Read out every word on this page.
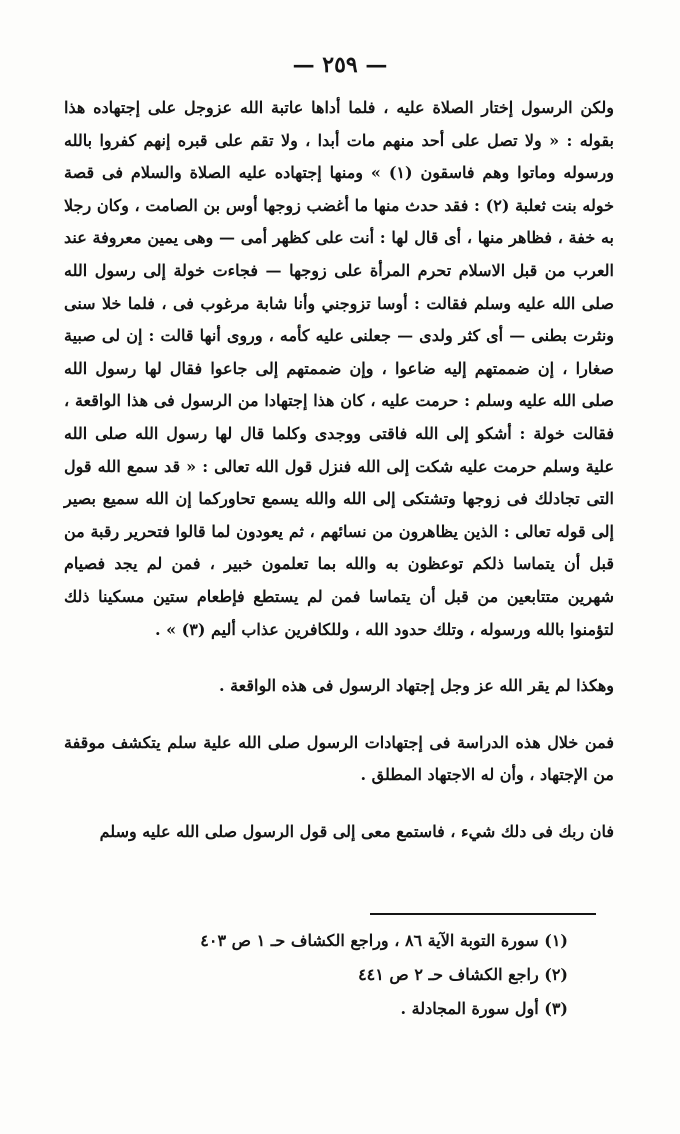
— ٢٥٩ —

ولكن الرسول إختار الصلاة عليه ، فلما أداها عاتبة الله عزوجل على إجتهاده هذا بقوله : « ولا تصل على أحد منهم مات أبدا ، ولا تقم على قبره إنهم كفروا بالله ورسوله وماتوا وهم فاسقون (١) » ومنها إجتهاده عليه الصلاة والسلام فى قصة خوله بنت ثعلبة (٢) : فقد حدث منها ما أغضب زوجها أوس بن الصامت ، وكان رجلا به خفة ، فظاهر منها ، أى قال لها : أنت على كظهر أمى — وهى يمين معروفة عند العرب من قبل الاسلام تحرم المرأة على زوجها — فجاءت خولة إلى رسول الله صلى الله عليه وسلم فقالت : أوسا تزوجني وأنا شابة مرغوب فى ، فلما خلا سنى ونثرت بطنى — أى كثر ولدى — جعلنى عليه كأمه ، وروى أنها قالت : إن لى صبية صغارا ، إن ضممتهم إليه ضاعوا ، وإن ضممتهم إلى جاعوا فقال لها رسول الله صلى الله عليه وسلم : حرمت عليه ، كان هذا إجتهادا من الرسول فى هذا الواقعة ، فقالت خولة : أشكو إلى الله فاقتى ووجدى وكلما قال لها رسول الله صلى الله علية وسلم حرمت عليه شكت إلى الله فنزل قول الله تعالى : « قد سمع الله قول التى تجادلك فى زوجها وتشتكى إلى الله والله يسمع تحاوركما إن الله سميع بصير إلى قوله تعالى : الذين يظاهرون من نسائهم ، ثم يعودون لما قالوا فتحرير رقبة من قبل أن يتماسا ذلكم توعظون به والله بما تعلمون خبير ، فمن لم يجد فصيام شهرين متتابعين من قبل أن يتماسا فمن لم يستطع فإطعام ستين مسكينا ذلك لتؤمنوا بالله ورسوله ، وتلك حدود الله ، وللكافرين عذاب أليم (٣) » .

وهكذا لم يقر الله عز وجل إجتهاد الرسول فى هذه الواقعة .

فمن خلال هذه الدراسة فى إجتهادات الرسول صلى الله علية سلم يتكشف موقفة من الإجتهاد ، وأن له الاجتهاد المطلق .

فان ربك فى دلك شيء ، فاستمع معى إلى قول الرسول صلى الله عليه وسلم

(١) سورة التوبة الآية ٨٦ ، وراجع الكشاف حـ ١ ص ٤٠٣
(٢) راجع الكشاف حـ ٢ ص ٤٤١
(٣) أول سورة المجادلة .
